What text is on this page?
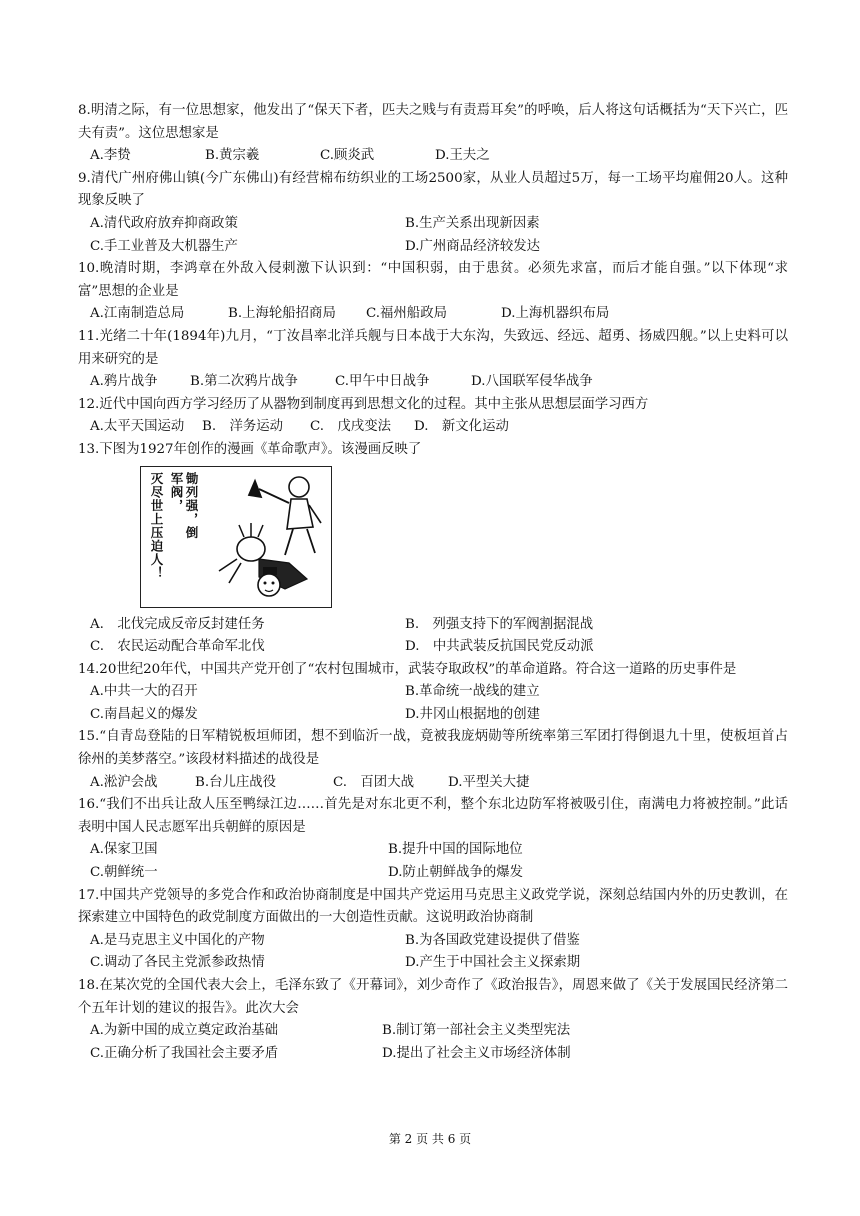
8.明清之际，有一位思想家，他发出了“保天下者，匹夫之贱与有责焉耳矣”的呼唤，后人将这句话概括为“天下兴亡，匹夫有责”。这位思想家是

A.李贽	B.黄宗羲	C.顾炎武	D.王夫之

9.清代广州府佛山镇(今广东佛山)有经营棉布纺织业的工场2500家，从业人员超过5万，每一工场平均雇佣20人。这种现象反映了

A.清代政府放弃抑商政策	B.生产关系出现新因素
C.手工业普及大机器生产	D.广州商品经济较发达

10.晚清时期，李鸿章在外敌入侵刺激下认识到：“中国积弱，由于患贫。必须先求富，而后才能自强。”以下体现“求富”思想的企业是

A.江南制造总局	B.上海轮船招商局	C.福州船政局	D.上海机器织布局

11.光绪二十年(1894年)九月，“丁汝昌率北洋兵舰与日本战于大东沟，失致远、经远、超勇、扬威四舰。”以上史料可以用来研究的是

A.鸦片战争	B.第二次鸦片战争	C.甲午中日战争	D.八国联军侵华战争

12.近代中国向西方学习经历了从器物到制度再到思想文化的过程。其中主张从思想层面学习西方

A.太平天国运动	B.　洋务运动	C.　戊戌变法	D.　新文化运动

13.下图为1927年创作的漫画《革命歌声》。该漫画反映了

灭尽世上压迫人！	锄列强，倒军阀，
A.　北伐完成反帝反封建任务	B.　列强支持下的军阀割据混战
C.　农民运动配合革命军北伐	D.　中共武装反抗国民党反动派

14.20世纪20年代，中国共产党开创了“农村包围城市，武装夺取政权”的革命道路。符合这一道路的历史事件是

A.中共一大的召开	B.革命统一战线的建立
C.南昌起义的爆发	D.井冈山根据地的创建

15.“自青岛登陆的日军精锐板垣师团，想不到临沂一战，竟被我庞炳勋等所统率第三军团打得倒退九十里，使板垣首占徐州的美梦落空。”该段材料描述的战役是

A.淞沪会战	B.台儿庄战役	C.　百团大战	D.平型关大捷

16.“我们不出兵让敌人压至鸭绿江边……首先是对东北更不利，整个东北边防军将被吸引住，南满电力将被控制。”此话表明中国人民志愿军出兵朝鲜的原因是

A.保家卫国	B.提升中国的国际地位
C.朝鲜统一	D.防止朝鲜战争的爆发

17.中国共产党领导的多党合作和政治协商制度是中国共产党运用马克思主义政党学说，深刻总结国内外的历史教训，在探索建立中国特色的政党制度方面做出的一大创造性贡献。这说明政治协商制

A.是马克思主义中国化的产物	B.为各国政党建设提供了借鉴
C.调动了各民主党派参政热情	D.产生于中国社会主义探索期

18.在某次党的全国代表大会上，毛泽东致了《开幕词》，刘少奇作了《政治报告》，周恩来做了《关于发展国民经济第二个五年计划的建议的报告》。此次大会

A.为新中国的成立奠定政治基础	B.制订第一部社会主义类型宪法
C.正确分析了我国社会主要矛盾	D.提出了社会主义市场经济体制
第 2 页 共 6 页
